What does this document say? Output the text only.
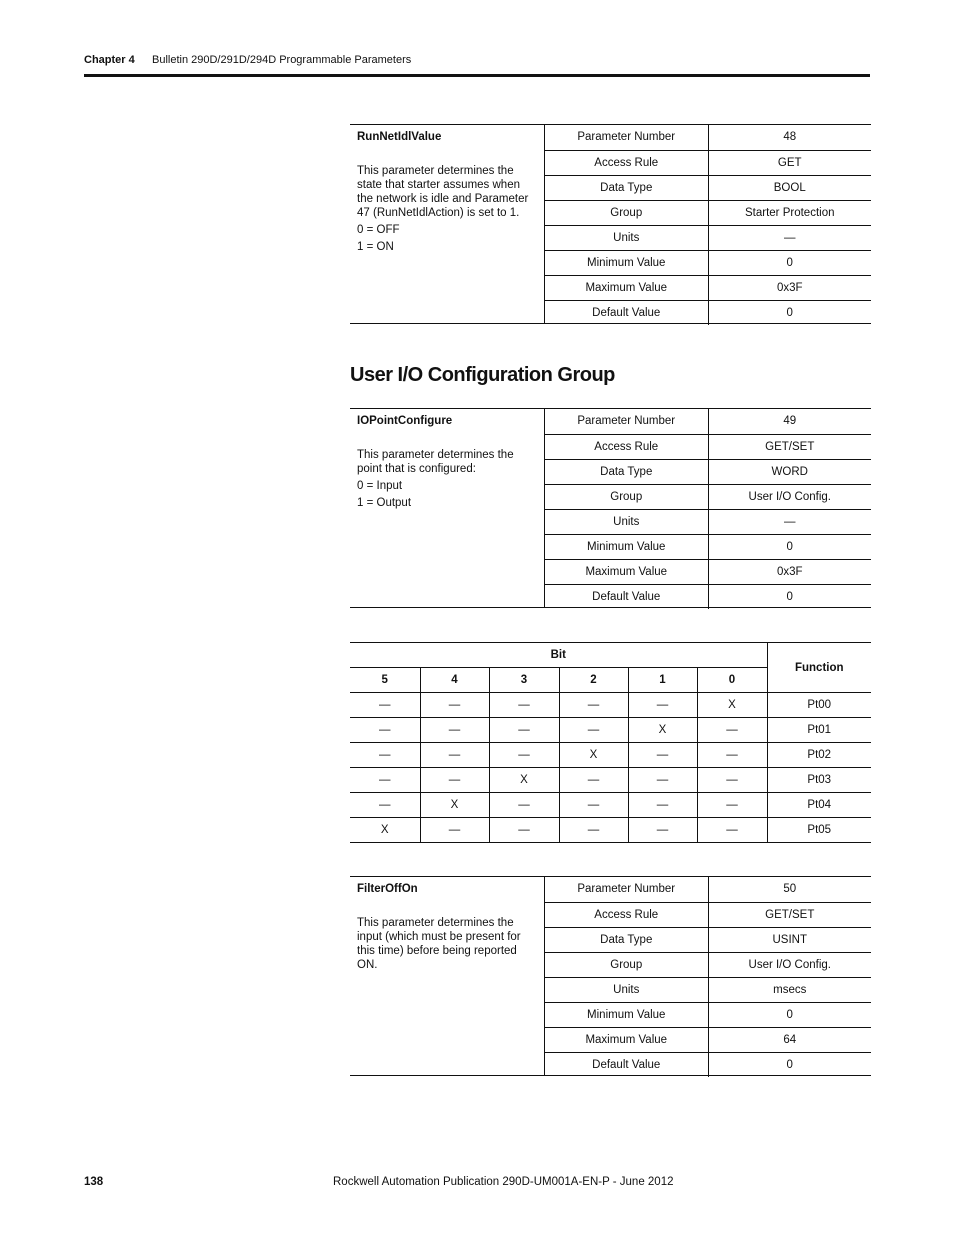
Chapter 4 Bulletin 290D/291D/294D Programmable Parameters
RunNetIdlValue
This parameter determines the state that starter assumes when the network is idle and Parameter 47 (RunNetIdlAction) is set to 1.
0 = OFF
1 = ON
Parameter Number	48
Access Rule	GET
Data Type	BOOL
Group	Starter Protection
Units	—
Minimum Value	0
Maximum Value	0x3F
Default Value	0
User I/O Configuration Group
IOPointConfigure
This parameter determines the point that is configured:
0 = Input
1 = Output
Parameter Number	49
Access Rule	GET/SET
Data Type	WORD
Group	User I/O Config.
Units	—
Minimum Value	0
Maximum Value	0x3F
Default Value	0
Bit						Function
5	4	3	2	1	0	
—	—	—	—	—	X	Pt00
—	—	—	—	X	—	Pt01
—	—	—	X	—	—	Pt02
—	—	X	—	—	—	Pt03
—	X	—	—	—	—	Pt04
X	—	—	—	—	—	Pt05
FilterOffOn
This parameter determines the input (which must be present for this time) before being reported ON.
Parameter Number	50
Access Rule	GET/SET
Data Type	USINT
Group	User I/O Config.
Units	msecs
Minimum Value	0
Maximum Value	64
Default Value	0
138	Rockwell Automation Publication 290D-UM001A-EN-P - June 2012
